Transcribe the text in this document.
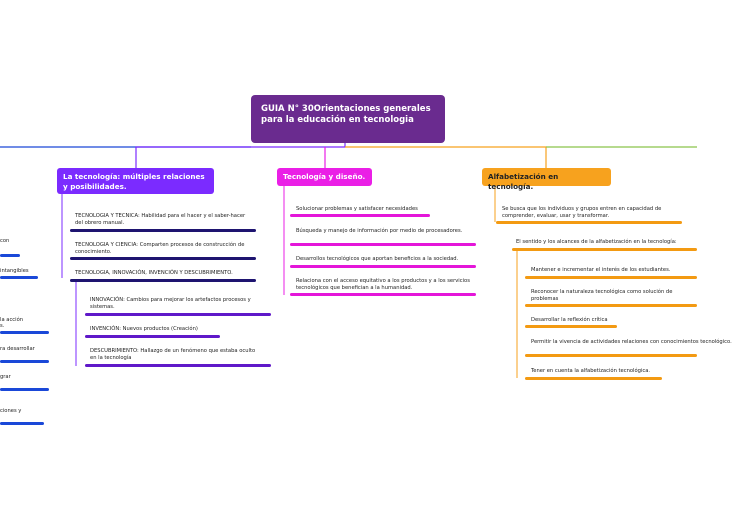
GUIA N° 30Orientaciones generales para la educación en tecnologia
La tecnología: múltiples relaciones y posibilidades.
Tecnología y diseño.	Alfabetización en tecnología.
TECNOLOGIA Y TECNICA: Habilidad para el hacer y el saber-hacer del obrero manual.
TECNOLOGIA Y CIENCIA: Comparten procesos de construcción de conocimiento.
TECNOLOGIA, INNOVACIÓN, INVENCIÓN Y DESCUBRIMIENTO.
INNOVACIÓN: Cambios para mejorar los artefactos procesos y sistemas.
INVENCIÓN: Nuevos productos (Creación)
DESCUBRIMIENTO: Hallazgo de un fenómeno que estaba oculto en la tecnología
Solucionar problemas y satisfacer necesidades
Búsqueda y manejo de información por medio de procesadores.
Desarrollos tecnológicos que aportan beneficios a la sociedad.
Relaciona con el acceso equitativo a los productos y a los servicios tecnológicos que benefician a la humanidad.
Se busca que los individuos y grupos entren en capacidad de comprender, evaluar, usar y transformar.
El sentido y los alcances de la alfabetización en la tecnología:
Mantener e incrementar el interés de los estudiantes.
Reconocer la naturaleza tecnológica como solución de problemas
Desarrollar la reflexión crítica
Permitir la vivencia de actividades relaciones con conocimientos tecnológico.
Tener en cuenta la alfabetización tecnológica.
con
intangibles
la acción
s.
ra desarrollar
grar
ciones y
